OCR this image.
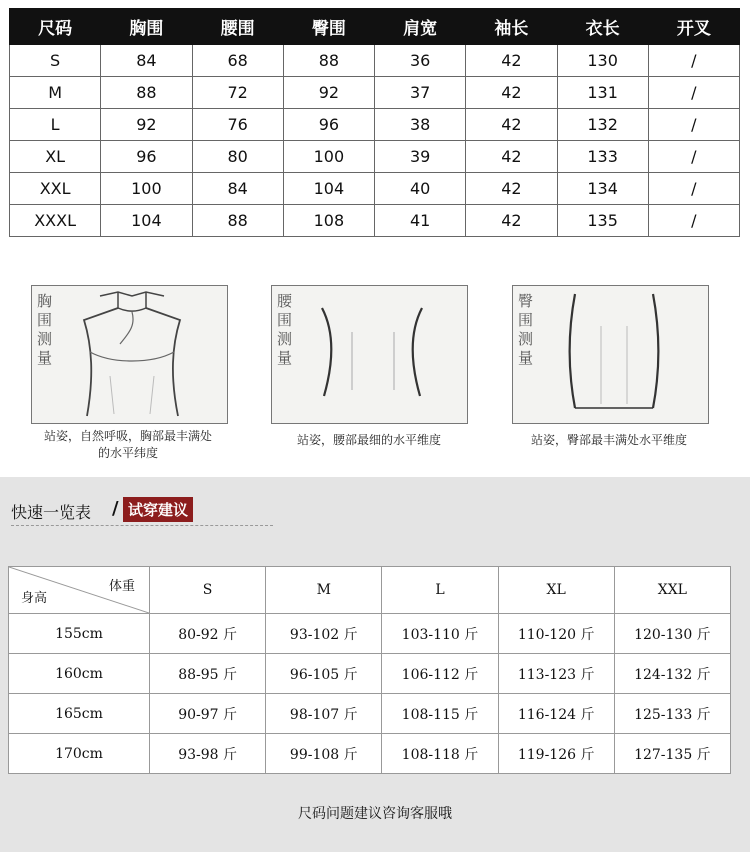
尺码	胸围	腰围	臀围	肩宽	袖长	衣长	开叉
S	84	68	88	36	42	130	/
M	88	72	92	37	42	131	/
L	92	76	96	38	42	132	/
XL	96	80	100	39	42	133	/
XXL	100	84	104	40	42	134	/
XXXL	104	88	108	41	42	135	/
胸围测量
站姿，自然呼吸，胸部最丰满处
的水平纬度
腰围测量
站姿，腰部最细的水平维度
臀围测量
站姿，臀部最丰满处水平维度
快速一览表 / 试穿建议
体重
身高	S	M	L	XL	XXL
155cm	80-92 斤	93-102 斤	103-110 斤	110-120 斤	120-130 斤
160cm	88-95 斤	96-105 斤	106-112 斤	113-123 斤	124-132 斤
165cm	90-97 斤	98-107 斤	108-115 斤	116-124 斤	125-133 斤
170cm	93-98 斤	99-108 斤	108-118 斤	119-126 斤	127-135 斤
尺码问题建议咨询客服哦
